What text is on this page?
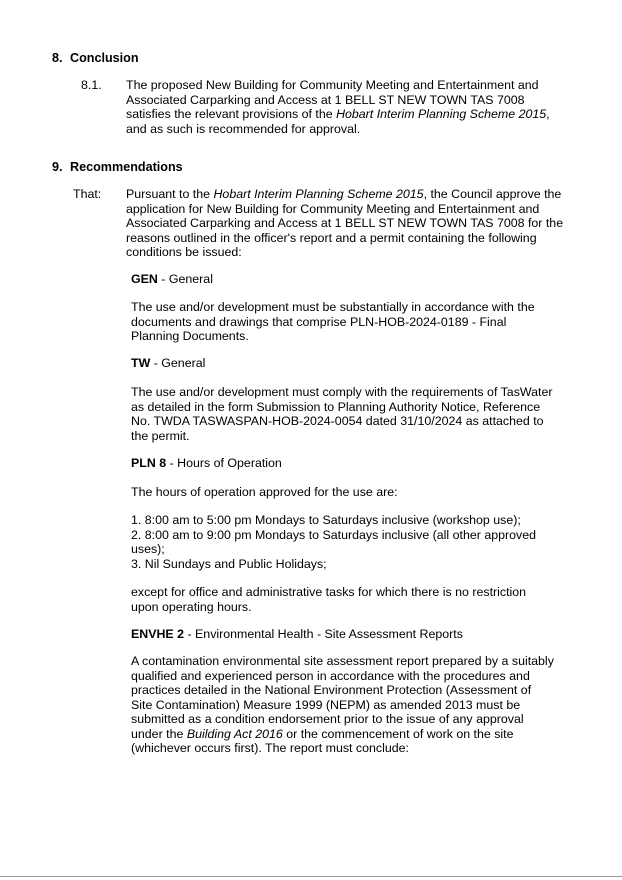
8. Conclusion
8.1. The proposed New Building for Community Meeting and Entertainment and Associated Carparking and Access at 1 BELL ST NEW TOWN TAS 7008 satisfies the relevant provisions of the Hobart Interim Planning Scheme 2015, and as such is recommended for approval.
9. Recommendations
That: Pursuant to the Hobart Interim Planning Scheme 2015, the Council approve the application for New Building for Community Meeting and Entertainment and Associated Carparking and Access at 1 BELL ST NEW TOWN TAS 7008 for the reasons outlined in the officer's report and a permit containing the following conditions be issued:
GEN - General
The use and/or development must be substantially in accordance with the documents and drawings that comprise PLN-HOB-2024-0189 - Final Planning Documents.
TW - General
The use and/or development must comply with the requirements of TasWater as detailed in the form Submission to Planning Authority Notice, Reference No. TWDA TASWASPAN-HOB-2024-0054 dated 31/10/2024 as attached to the permit.
PLN 8 - Hours of Operation
The hours of operation approved for the use are:
1. 8:00 am to 5:00 pm Mondays to Saturdays inclusive (workshop use);
2. 8:00 am to 9:00 pm Mondays to Saturdays inclusive (all other approved uses);
3. Nil Sundays and Public Holidays;
except for office and administrative tasks for which there is no restriction upon operating hours.
ENVHE 2 - Environmental Health - Site Assessment Reports
A contamination environmental site assessment report prepared by a suitably qualified and experienced person in accordance with the procedures and practices detailed in the National Environment Protection (Assessment of Site Contamination) Measure 1999 (NEPM) as amended 2013 must be submitted as a condition endorsement prior to the issue of any approval under the Building Act 2016 or the commencement of work on the site (whichever occurs first). The report must conclude:
